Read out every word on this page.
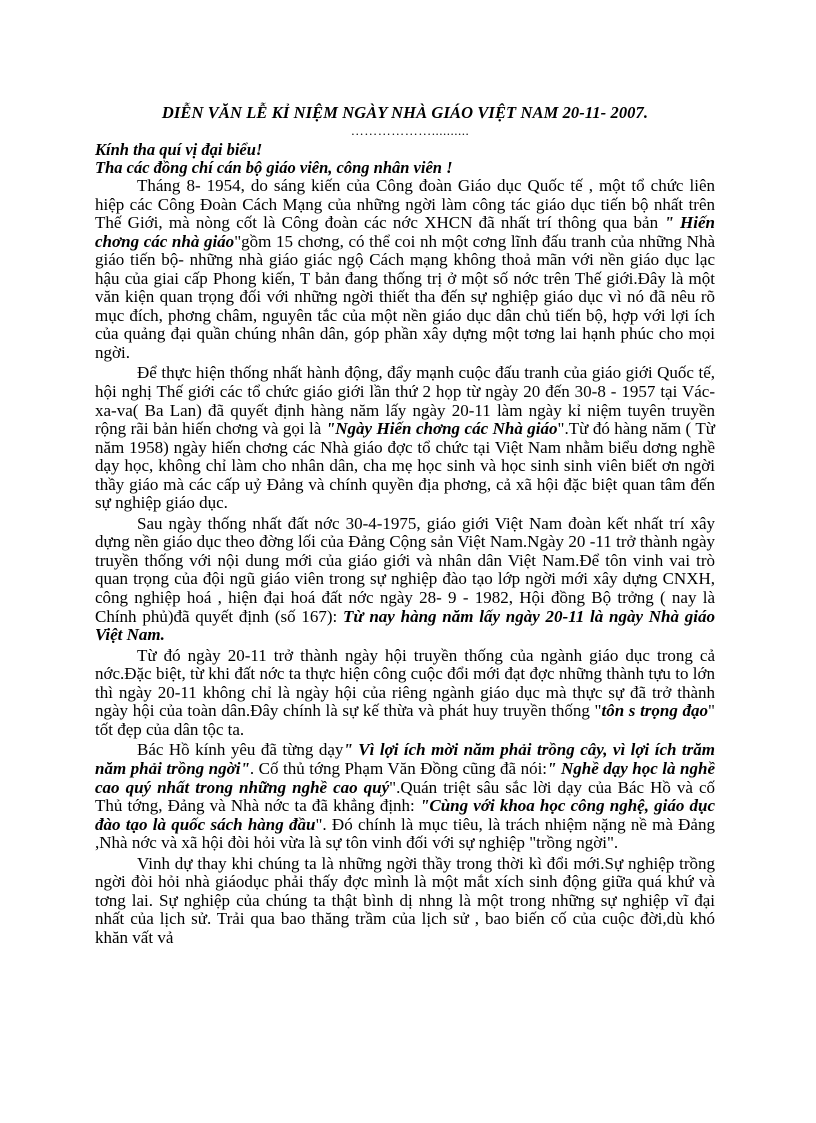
DIỄN VĂN LỄ KỈ NIỆM NGÀY NHÀ GIÁO VIỆT NAM 20-11- 2007.
………………..........
Kính tha quí vị đại biểu!
Tha các đồng chí cán bộ giáo viên, công nhân viên !

Tháng 8- 1954, do sáng kiến của Công đoàn Giáo dục Quốc tế , một tổ chức liên hiệp các Công Đoàn Cách Mạng của những ngời làm công tác giáo dục tiến bộ nhất trên Thế Giới, mà nòng cốt là Công đoàn các nớc XHCN đã nhất trí thông qua bản " Hiến chơng các nhà giáo"gồm 15 chơng, có thể coi nh một cơng lĩnh đấu tranh của những Nhà giáo tiến bộ- những nhà giáo giác ngộ Cách mạng không thoả mãn với nền giáo dục lạc hậu của giai cấp Phong kiến, T bản đang thống trị ở một số nớc trên Thế giới.Đây là một văn kiện quan trọng đối với những ngời thiết tha đến sự nghiệp giáo dục vì nó đã nêu rõ mục đích, phơng châm, nguyên tắc của một nền giáo dục dân chủ tiến bộ, hợp với lợi ích của quảng đại quần chúng nhân dân, góp phần xây dựng một tơng lai hạnh phúc cho mọi ngời.

Để thực hiện thống nhất hành động, đẩy mạnh cuộc đấu tranh của giáo giới Quốc tế, hội nghị Thế giới các tổ chức giáo giới lần thứ 2 họp từ ngày 20 đến 30-8 - 1957 tại Vác-xa-va( Ba Lan) đã quyết định hàng năm lấy ngày 20-11 làm ngày kỉ niệm tuyên truyền rộng rãi bản hiến chơng và gọi là "Ngày Hiến chơng các Nhà giáo".Từ đó hàng năm ( Từ năm 1958) ngày hiến chơng các Nhà giáo đợc tổ chức tại Việt Nam nhằm biểu dơng nghề dạy học, không chỉ làm cho nhân dân, cha mẹ học sinh và học sinh sinh viên biết ơn ngời thầy giáo mà các cấp uỷ Đảng và chính quyền địa phơng, cả xã hội đặc biệt quan tâm đến sự nghiệp giáo dục.

Sau ngày thống nhất đất nớc 30-4-1975, giáo giới Việt Nam đoàn kết nhất trí xây dựng nền giáo dục theo đờng lối của Đảng Cộng sản Việt Nam.Ngày 20 -11 trở thành ngày truyền thống với nội dung mới của giáo giới và nhân dân Việt Nam.Để tôn vinh vai trò quan trọng của đội ngũ giáo viên trong sự nghiệp đào tạo lớp ngời mới xây dựng CNXH, công nghiệp hoá , hiện đại hoá đất nớc ngày 28- 9 - 1982, Hội đồng Bộ trởng ( nay là Chính phủ)đã quyết định (số 167): Từ nay hàng năm lấy ngày 20-11 là ngày Nhà giáo Việt Nam.

Từ đó ngày 20-11 trở thành ngày hội truyền thống của ngành giáo dục trong cả nớc.Đặc biệt, từ khi đất nớc ta thực hiện công cuộc đổi mới đạt đợc những thành tựu to lớn thì ngày 20-11 không chỉ là ngày hội của riêng ngành giáo dục mà thực sự đã trở thành ngày hội của toàn dân.Đây chính là sự kế thừa và phát huy truyền thống "tôn s trọng đạo" tốt đẹp của dân tộc ta.

Bác Hồ kính yêu đã từng dạy" Vì lợi ích mời năm phải trồng cây, vì lợi ích trăm năm phải trồng ngời". Cố thủ tớng Phạm Văn Đồng cũng đã nói:" Nghề dạy học là nghề cao quý nhất trong những nghề cao quý".Quán triệt sâu sắc lời dạy của Bác Hồ và cố Thủ tớng, Đảng và Nhà nớc ta đã khẳng định: "Cùng với khoa học công nghệ, giáo dục đào tạo là quốc sách hàng đầu". Đó chính là mục tiêu, là trách nhiệm nặng nề mà Đảng ,Nhà nớc và xã hội đòi hỏi vừa là sự tôn vinh đối với sự nghiệp "trồng ngời".

Vinh dự thay khi chúng ta là những ngời thầy trong thời kì đổi mới.Sự nghiệp trồng ngời đòi hỏi nhà giáodục phải thấy đợc mình là một mắt xích sinh động giữa quá khứ và tơng lai. Sự nghiệp của chúng ta thật bình dị nhng là một trong những sự nghiệp vĩ đại nhất của lịch sử. Trải qua bao thăng trầm của lịch sử , bao biến cố của cuộc đời,dù khó khăn vất vả
